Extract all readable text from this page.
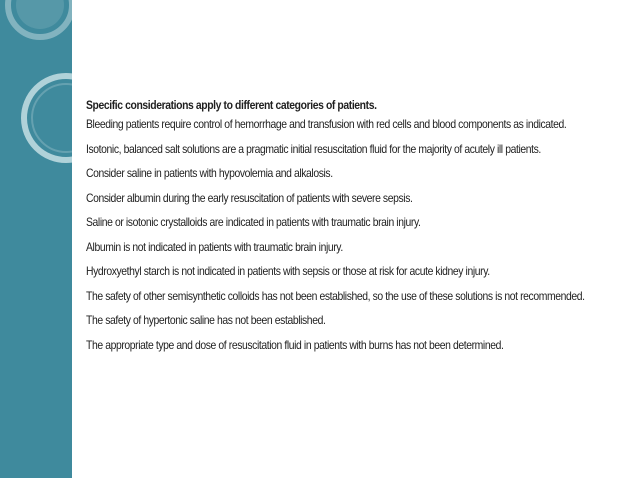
Specific considerations apply to different categories of patients.

Bleeding patients require control of hemorrhage and transfusion with red cells and blood components as indicated.

Isotonic, balanced salt solutions are a pragmatic initial resuscitation fluid for the majority of acutely ill patients.

Consider saline in patients with hypovolemia and alkalosis.

Consider albumin during the early resuscitation of patients with severe sepsis.

Saline or isotonic crystalloids are indicated in patients with traumatic brain injury.

Albumin is not indicated in patients with traumatic brain injury.

Hydroxyethyl starch is not indicated in patients with sepsis or those at risk for acute kidney injury.

The safety of other semisynthetic colloids has not been established, so the use of these solutions is not recommended.

The safety of hypertonic saline has not been established.

The appropriate type and dose of resuscitation fluid in patients with burns has not been determined.
